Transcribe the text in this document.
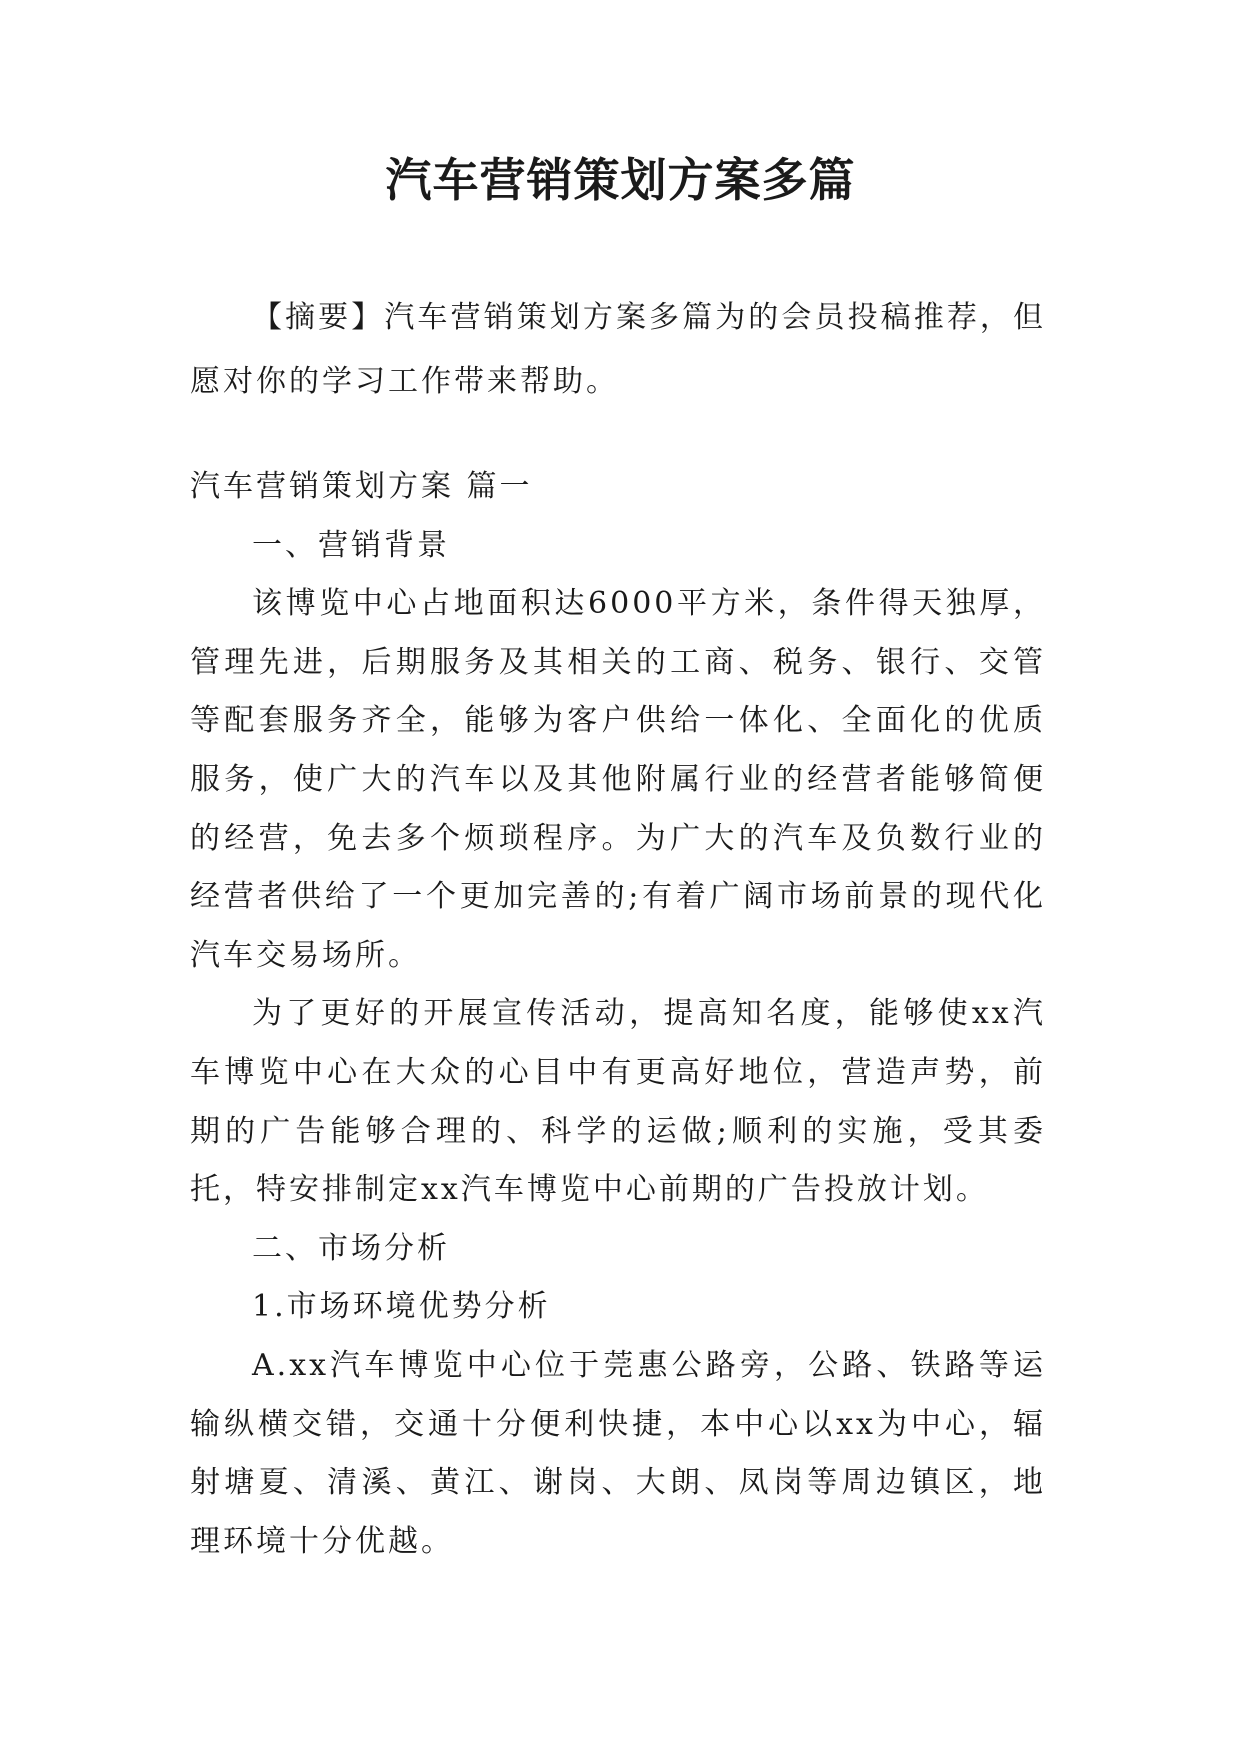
汽车营销策划方案多篇

【摘要】汽车营销策划方案多篇为的会员投稿推荐，但愿对你的学习工作带来帮助。

汽车营销策划方案 篇一

一、营销背景

该博览中心占地面积达6000平方米，条件得天独厚，管理先进，后期服务及其相关的工商、税务、银行、交管等配套服务齐全，能够为客户供给一体化、全面化的优质服务，使广大的汽车以及其他附属行业的经营者能够简便的经营，免去多个烦琐程序。为广大的汽车及负数行业的经营者供给了一个更加完善的;有着广阔市场前景的现代化汽车交易场所。

为了更好的开展宣传活动，提高知名度，能够使xx汽车博览中心在大众的心目中有更高好地位，营造声势，前期的广告能够合理的、科学的运做;顺利的实施，受其委托，特安排制定xx汽车博览中心前期的广告投放计划。

二、市场分析

1.市场环境优势分析

A.xx汽车博览中心位于莞惠公路旁，公路、铁路等运输纵横交错，交通十分便利快捷，本中心以xx为中心，辐射塘夏、清溪、黄江、谢岗、大朗、凤岗等周边镇区，地理环境十分优越。
